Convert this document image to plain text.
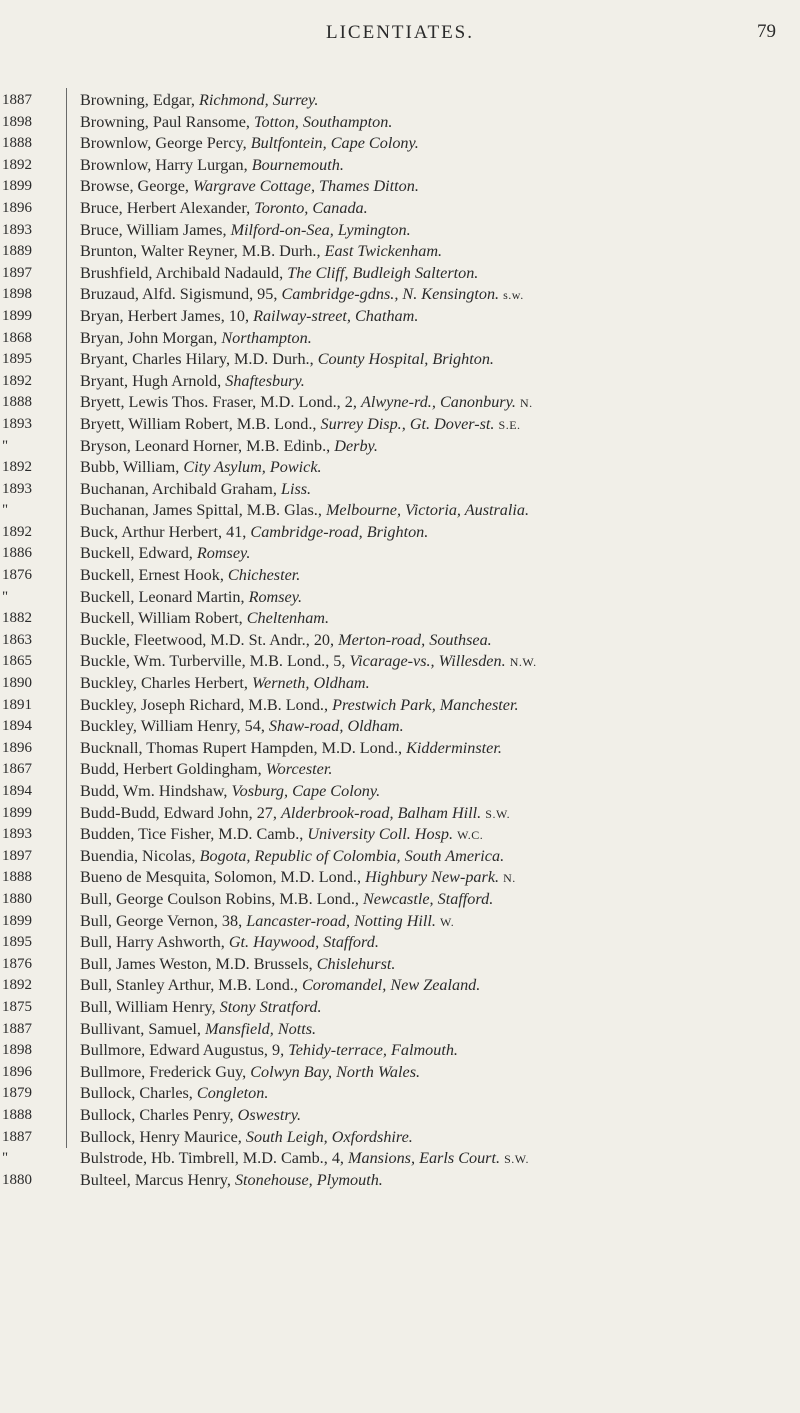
LICENTIATES.	79
1887
1898
1888
1892
1899
1896
1893
1889
1897
1898
1899
1868
1895
1892
1888
1893
"
1892
1893
"
1892
1886
1876
"
1882
1863
1865
1890
1891
1894
1896
1867
1894
1899
1893
1897
1888
1880
1899
1895
1876
1892
1875
1887
1898
1896
1879
1888
1887
"
1880
Browning, Edgar, Richmond, Surrey.
Browning, Paul Ransome, Totton, Southampton.
Brownlow, George Percy, Bultfontein, Cape Colony.
Brownlow, Harry Lurgan, Bournemouth.
Browse, George, Wargrave Cottage, Thames Ditton.
Bruce, Herbert Alexander, Toronto, Canada.
Bruce, William James, Milford-on-Sea, Lymington.
Brunton, Walter Reyner, M.B. Durh., East Twickenham.
Brushfield, Archibald Nadauld, The Cliff, Budleigh Salterton.
Bruzaud, Alfd. Sigismund, 95, Cambridge-gdns., N. Kensington. s.w.
Bryan, Herbert James, 10, Railway-street, Chatham.
Bryan, John Morgan, Northampton.
Bryant, Charles Hilary, M.D. Durh., County Hospital, Brighton.
Bryant, Hugh Arnold, Shaftesbury.
Bryett, Lewis Thos. Fraser, M.D. Lond., 2, Alwyne-rd., Canonbury. N.
Bryett, William Robert, M.B. Lond., Surrey Disp., Gt. Dover-st. S.E.
Bryson, Leonard Horner, M.B. Edinb., Derby.
Bubb, William, City Asylum, Powick.
Buchanan, Archibald Graham, Liss.
Buchanan, James Spittal, M.B. Glas., Melbourne, Victoria, Australia.
Buck, Arthur Herbert, 41, Cambridge-road, Brighton.
Buckell, Edward, Romsey.
Buckell, Ernest Hook, Chichester.
Buckell, Leonard Martin, Romsey.
Buckell, William Robert, Cheltenham.
Buckle, Fleetwood, M.D. St. Andr., 20, Merton-road, Southsea.
Buckle, Wm. Turberville, M.B. Lond., 5, Vicarage-vs., Willesden. N.W.
Buckley, Charles Herbert, Werneth, Oldham.
Buckley, Joseph Richard, M.B. Lond., Prestwich Park, Manchester.
Buckley, William Henry, 54, Shaw-road, Oldham.
Bucknall, Thomas Rupert Hampden, M.D. Lond., Kidderminster.
Budd, Herbert Goldingham, Worcester.
Budd, Wm. Hindshaw, Vosburg, Cape Colony.
Budd-Budd, Edward John, 27, Alderbrook-road, Balham Hill. S.W.
Budden, Tice Fisher, M.D. Camb., University Coll. Hosp. W.C.
Buendia, Nicolas, Bogota, Republic of Colombia, South America.
Bueno de Mesquita, Solomon, M.D. Lond., Highbury New-park. N.
Bull, George Coulson Robins, M.B. Lond., Newcastle, Stafford.
Bull, George Vernon, 38, Lancaster-road, Notting Hill. W.
Bull, Harry Ashworth, Gt. Haywood, Stafford.
Bull, James Weston, M.D. Brussels, Chislehurst.
Bull, Stanley Arthur, M.B. Lond., Coromandel, New Zealand.
Bull, William Henry, Stony Stratford.
Bullivant, Samuel, Mansfield, Notts.
Bullmore, Edward Augustus, 9, Tehidy-terrace, Falmouth.
Bullmore, Frederick Guy, Colwyn Bay, North Wales.
Bullock, Charles, Congleton.
Bullock, Charles Penry, Oswestry.
Bullock, Henry Maurice, South Leigh, Oxfordshire.
Bulstrode, Hb. Timbrell, M.D. Camb., 4, Mansions, Earls Court. S.W.
Bulteel, Marcus Henry, Stonehouse, Plymouth.
